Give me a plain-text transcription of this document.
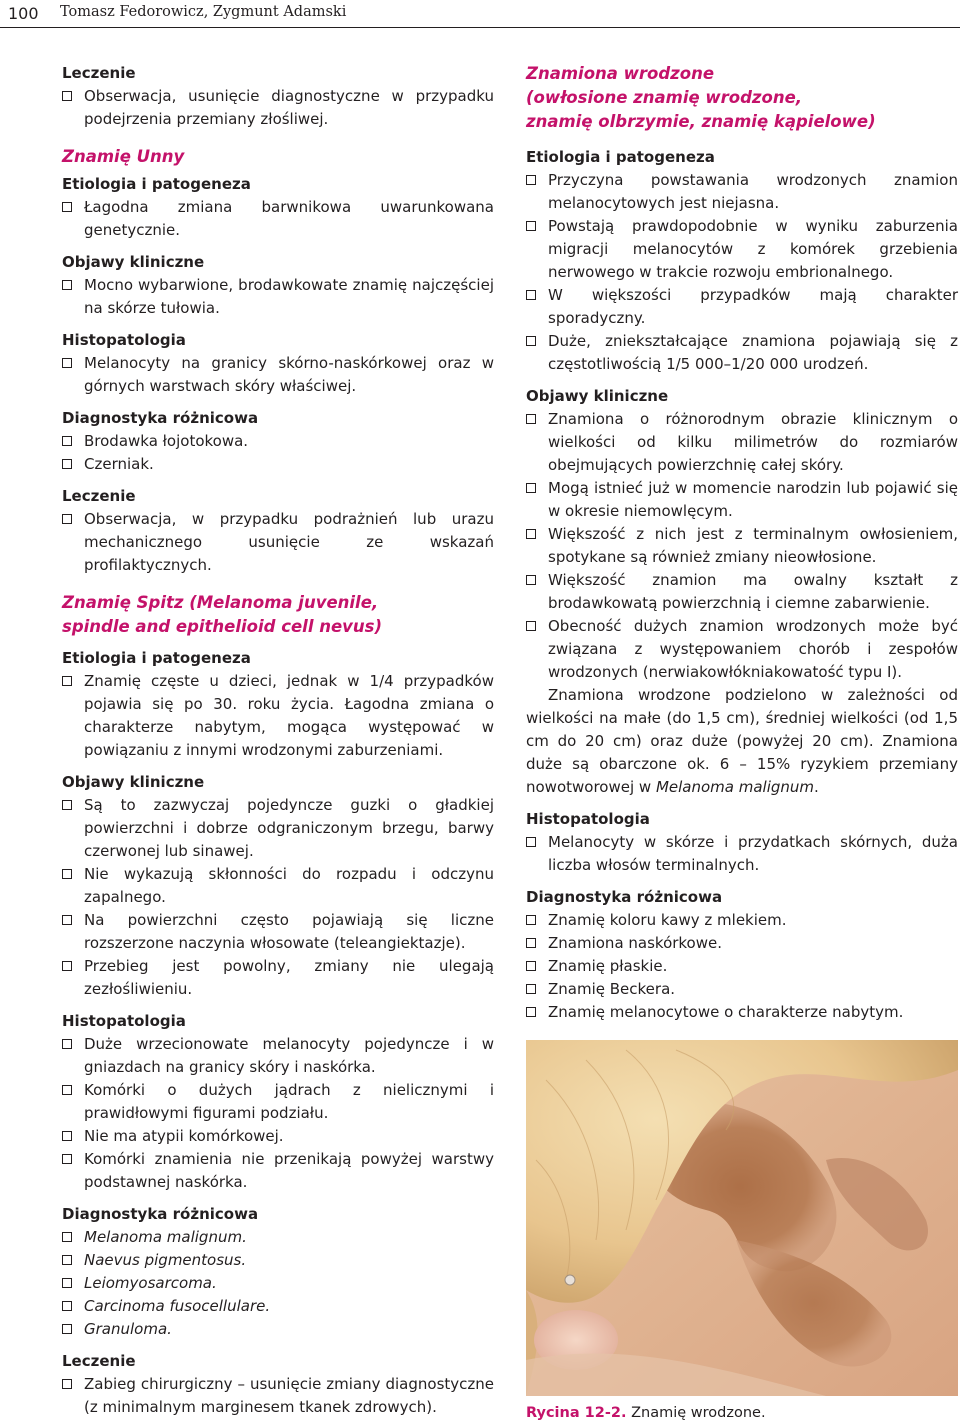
100 Tomasz Fedorowicz, Zygmunt Adamski
Leczenie
Obserwacja, usunięcie diagnostyczne w przypadku podejrzenia przemiany złośliwej.
Znamię Unny
Etiologia i patogeneza
Łagodna zmiana barwnikowa uwarunkowana genetycznie.
Objawy kliniczne
Mocno wybarwione, brodawkowate znamię najczęściej na skórze tułowia.
Histopatologia
Melanocyty na granicy skórno-naskórkowej oraz w górnych warstwach skóry właściwej.
Diagnostyka różnicowa
Brodawka łojotokowa.
Czerniak.
Leczenie
Obserwacja, w przypadku podrażnień lub urazu mechanicznego usunięcie ze wskazań profilaktycznych.
Znamię Spitz (Melanoma juvenile,
spindle and epithelioid cell nevus)
Etiologia i patogeneza
Znamię częste u dzieci, jednak w 1/4 przypadków pojawia się po 30. roku życia. Łagodna zmiana o charakterze nabytym, mogąca występować w powiązaniu z innymi wrodzonymi zaburzeniami.
Objawy kliniczne
Są to zazwyczaj pojedyncze guzki o gładkiej powierzchni i dobrze odgraniczonym brzegu, barwy czerwonej lub sinawej.
Nie wykazują skłonności do rozpadu i odczynu zapalnego.
Na powierzchni często pojawiają się liczne rozszerzone naczynia włosowate (teleangiektazje).
Przebieg jest powolny, zmiany nie ulegają zezłośliwieniu.
Histopatologia
Duże wrzecionowate melanocyty pojedyncze i w gniazdach na granicy skóry i naskórka.
Komórki o dużych jądrach z nielicznymi i prawidłowymi figurami podziału.
Nie ma atypii komórkowej.
Komórki znamienia nie przenikają powyżej warstwy podstawnej naskórka.
Diagnostyka różnicowa
Melanoma malignum.
Naevus pigmentosus.
Leiomyosarcoma.
Carcinoma fusocellulare.
Granuloma.
Leczenie
Zabieg chirurgiczny – usunięcie zmiany diagnostyczne (z minimalnym marginesem tkanek zdrowych).
Znamiona wrodzone
(owłosione znamię wrodzone,
znamię olbrzymie, znamię kąpielowe)
Etiologia i patogeneza
Przyczyna powstawania wrodzonych znamion melanocytowych jest niejasna.
Powstają prawdopodobnie w wyniku zaburzenia migracji melanocytów z komórek grzebienia nerwowego w trakcie rozwoju embrionalnego.
W większości przypadków mają charakter sporadyczny.
Duże, zniekształcające znamiona pojawiają się z częstotliwością 1/5 000–1/20 000 urodzeń.
Objawy kliniczne
Znamiona o różnorodnym obrazie klinicznym o wielkości od kilku milimetrów do rozmiarów obejmujących powierzchnię całej skóry.
Mogą istnieć już w momencie narodzin lub pojawić się w okresie niemowlęcym.
Większość z nich jest z terminalnym owłosieniem, spotykane są również zmiany nieowłosione.
Większość znamion ma owalny kształt z brodawkowatą powierzchnią i ciemne zabarwienie.
Obecność dużych znamion wrodzonych może być związana z występowaniem chorób i zespołów wrodzonych (nerwiakowłókniakowatość typu I).

Znamiona wrodzone podzielono w zależności od wielkości na małe (do 1,5 cm), średniej wielkości (od 1,5 cm do 20 cm) oraz duże (powyżej 20 cm). Znamiona duże są obarczone ok. 6 – 15% ryzykiem przemiany nowotworowej w Melanoma malignum.

Histopatologia
Melanocyty w skórze i przydatkach skórnych, duża liczba włosów terminalnych.
Diagnostyka różnicowa
Znamię koloru kawy z mlekiem.
Znamiona naskórkowe.
Znamię płaskie.
Znamię Beckera.
Znamię melanocytowe o charakterze nabytym.
Rycina 12-2. Znamię wrodzone.
